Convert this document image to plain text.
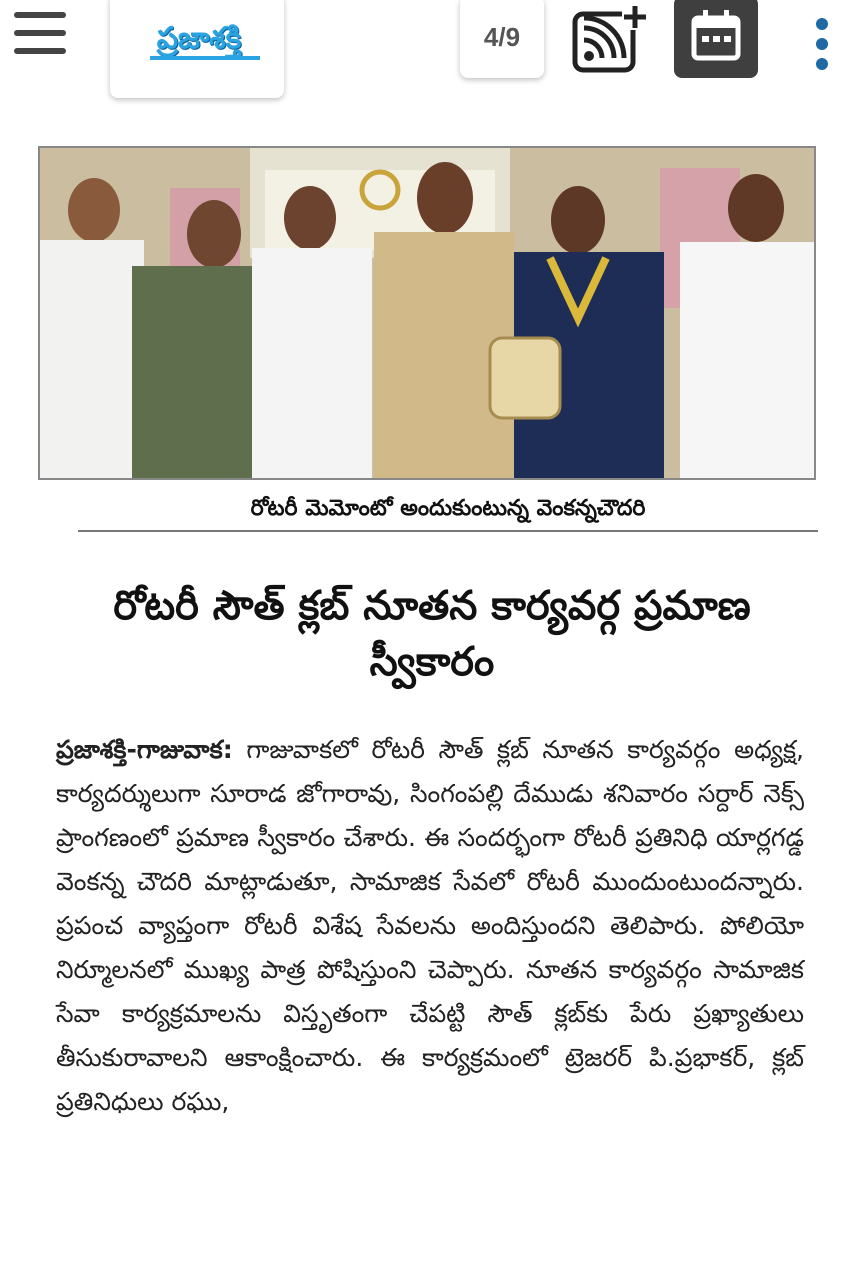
ప్రజాశక్తి	4/9
రోటరీ మెమోంటో అందుకుంటున్న వెంకన్నచౌదరి
రోటరీ సౌత్ క్లబ్ నూతన కార్యవర్గ ప్రమాణ స్వీకారం
ప్రజాశక్తి-గాజువాక: గాజువాకలో రోటరీ సౌత్ క్లబ్ నూతన కార్యవర్గం అధ్యక్ష, కార్యదర్శులుగా సూరాడ జోగారావు, సింగంపల్లి దేముడు శనివారం సర్దార్ నెక్స్ ప్రాంగణంలో ప్రమాణ స్వీకారం చేశారు. ఈ సందర్భంగా రోటరీ ప్రతినిధి యార్లగడ్డ వెంకన్న చౌదరి మాట్లాడుతూ, సామాజిక సేవలో రోటరీ ముందుంటుందన్నారు. ప్రపంచ వ్యాప్తంగా రోటరీ విశేష సేవలను అందిస్తుందని తెలిపారు. పోలియో నిర్మూలనలో ముఖ్య పాత్ర పోషిస్తుంని చెప్పారు. నూతన కార్యవర్గం సామాజిక సేవా కార్యక్రమాలను విస్తృతంగా చేపట్టి సౌత్ క్లబ్‌కు పేరు ప్రఖ్యాతులు తీసుకురావాలని ఆకాంక్షించారు. ఈ కార్యక్రమంలో ట్రెజరర్ పి.ప్రభాకర్, క్లబ్ ప్రతినిధులు రఘు,
